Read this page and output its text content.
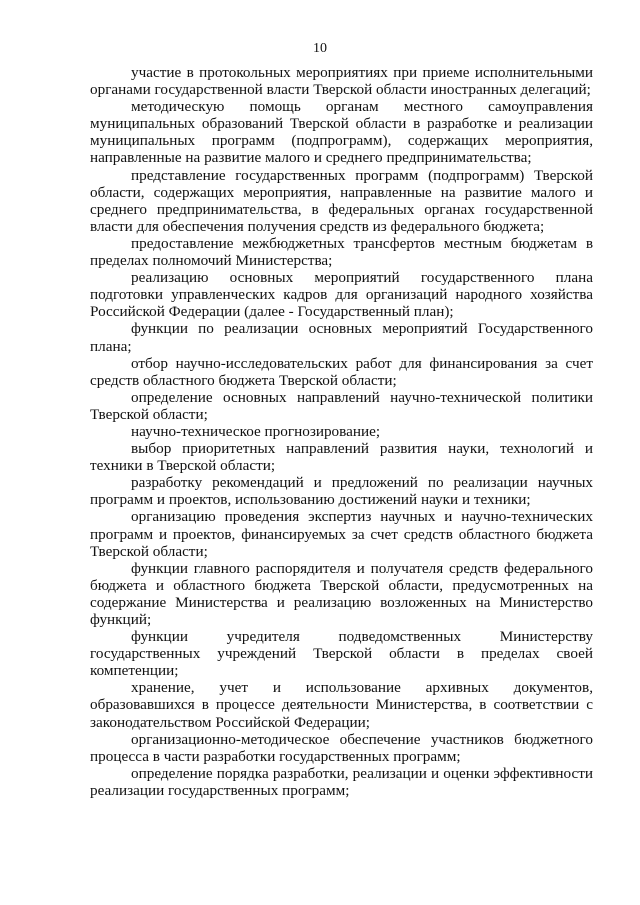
10

участие в протокольных мероприятиях при приеме исполнительными органами государственной власти Тверской области иностранных делегаций;

методическую помощь органам местного самоуправления муниципальных образований Тверской области в разработке и реализации муниципальных программ (подпрограмм), содержащих мероприятия, направленные на развитие малого и среднего предпринимательства;

представление государственных программ (подпрограмм) Тверской области, содержащих мероприятия, направленные на развитие малого и среднего предпринимательства, в федеральных органах государственной власти для обеспечения получения средств из федерального бюджета;

предоставление межбюджетных трансфертов местным бюджетам в пределах полномочий Министерства;

реализацию основных мероприятий государственного плана подготовки управленческих кадров для организаций народного хозяйства Российской Федерации (далее - Государственный план);

функции по реализации основных мероприятий Государственного плана;

отбор научно-исследовательских работ для финансирования за счет средств областного бюджета Тверской области;

определение основных направлений научно-технической политики Тверской области;

научно-техническое прогнозирование;

выбор приоритетных направлений развития науки, технологий и техники в Тверской области;

разработку рекомендаций и предложений по реализации научных программ и проектов, использованию достижений науки и техники;

организацию проведения экспертиз научных и научно-технических программ и проектов, финансируемых за счет средств областного бюджета Тверской области;

функции главного распорядителя и получателя средств федерального бюджета и областного бюджета Тверской области, предусмотренных на содержание Министерства и реализацию возложенных на Министерство функций;

функции учредителя подведомственных Министерству государственных учреждений Тверской области в пределах своей компетенции;

хранение, учет и использование архивных документов, образовавшихся в процессе деятельности Министерства, в соответствии с законодательством Российской Федерации;

организационно-методическое обеспечение участников бюджетного процесса в части разработки государственных программ;

определение порядка разработки, реализации и оценки эффективности реализации государственных программ;
